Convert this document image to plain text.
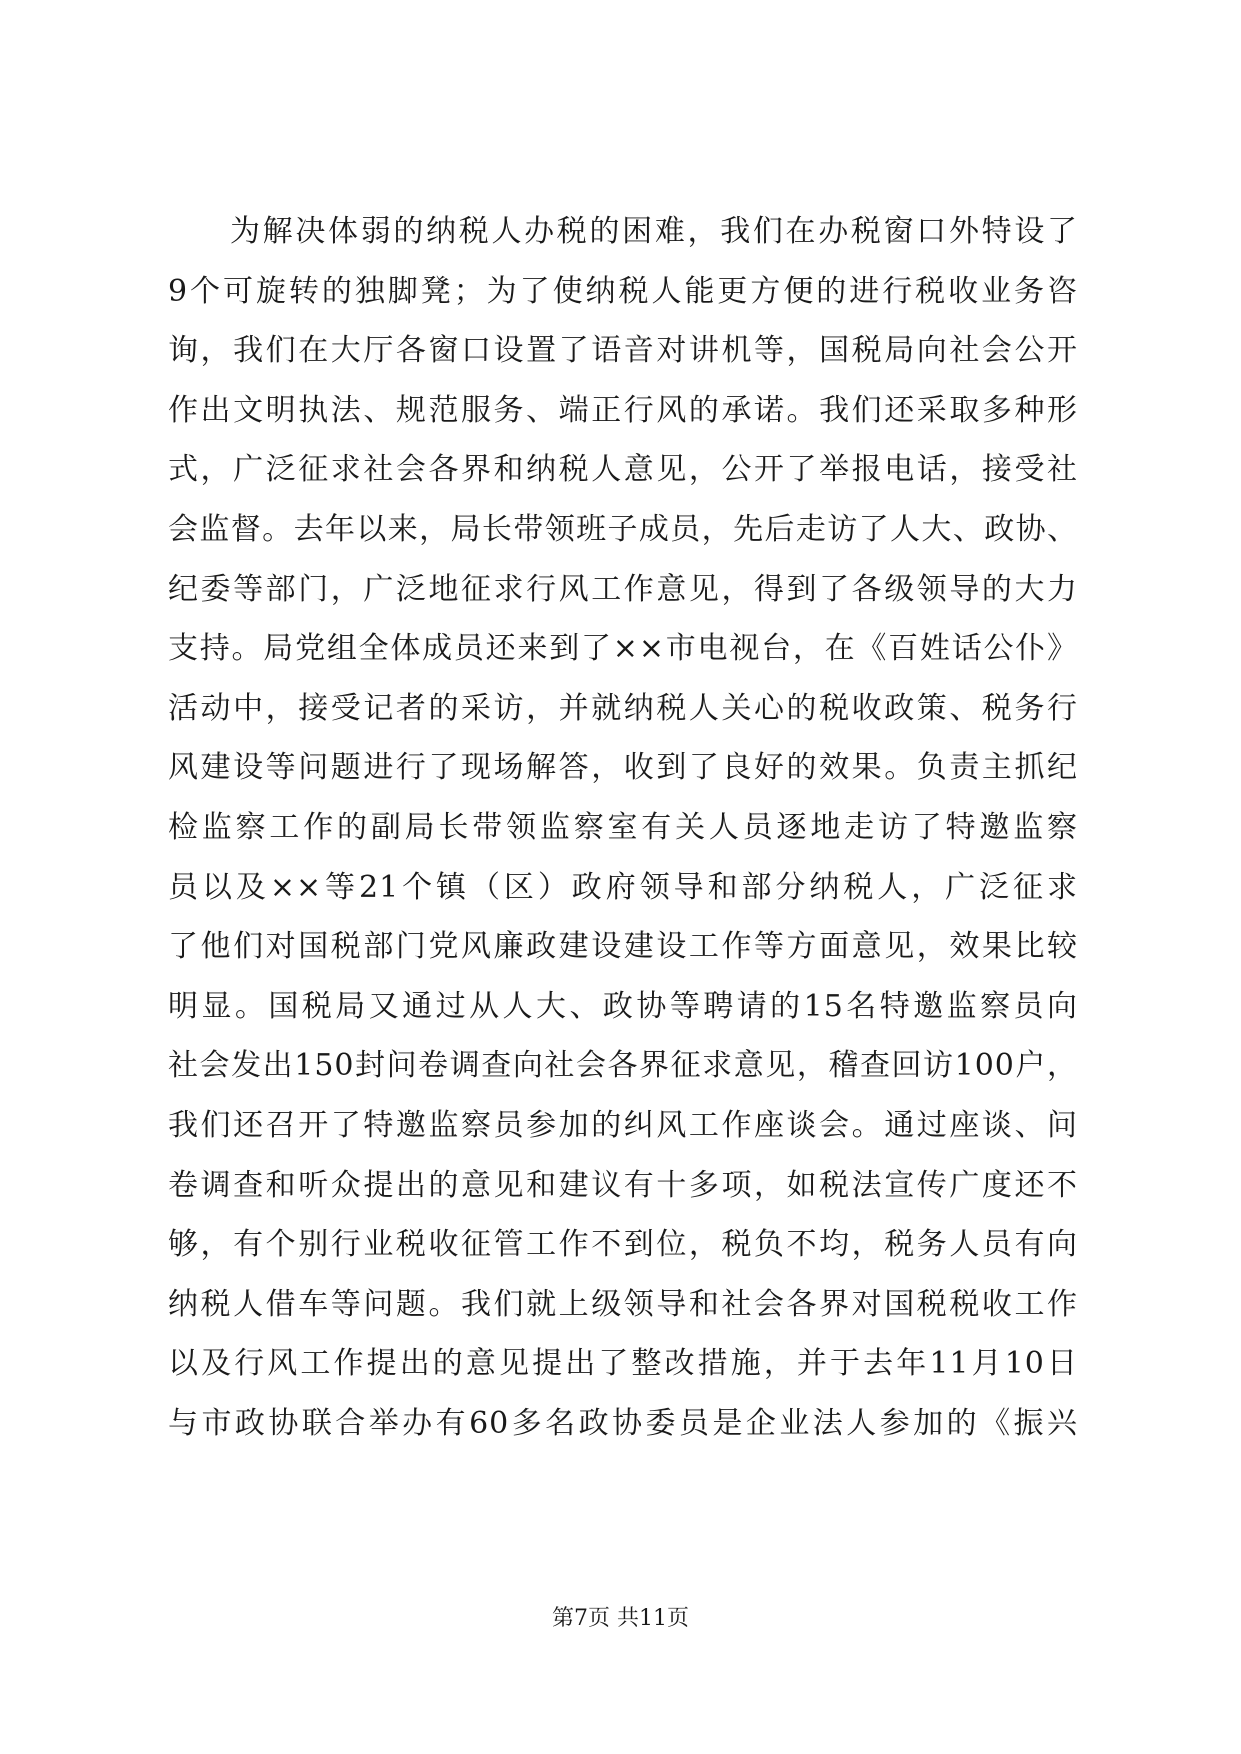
为解决体弱的纳税人办税的困难，我们在办税窗口外特设了
9个可旋转的独脚凳；为了使纳税人能更方便的进行税收业务咨
询，我们在大厅各窗口设置了语音对讲机等，国税局向社会公开
作出文明执法、规范服务、端正行风的承诺。我们还采取多种形
式，广泛征求社会各界和纳税人意见，公开了举报电话，接受社
会监督。去年以来，局长带领班子成员，先后走访了人大、政协、
纪委等部门，广泛地征求行风工作意见，得到了各级领导的大力
支持。局党组全体成员还来到了××市电视台，在《百姓话公仆》
活动中，接受记者的采访，并就纳税人关心的税收政策、税务行
风建设等问题进行了现场解答，收到了良好的效果。负责主抓纪
检监察工作的副局长带领监察室有关人员逐地走访了特邀监察
员以及××等21个镇（区）政府领导和部分纳税人，广泛征求
了他们对国税部门党风廉政建设建设工作等方面意见，效果比较
明显。国税局又通过从人大、政协等聘请的15名特邀监察员向
社会发出150封问卷调查向社会各界征求意见，稽查回访100户，
我们还召开了特邀监察员参加的纠风工作座谈会。通过座谈、问
卷调查和听众提出的意见和建议有十多项，如税法宣传广度还不
够，有个别行业税收征管工作不到位，税负不均，税务人员有向
纳税人借车等问题。我们就上级领导和社会各界对国税税收工作
以及行风工作提出的意见提出了整改措施，并于去年11月10日
与市政协联合举办有60多名政协委员是企业法人参加的《振兴
第7页 共11页
